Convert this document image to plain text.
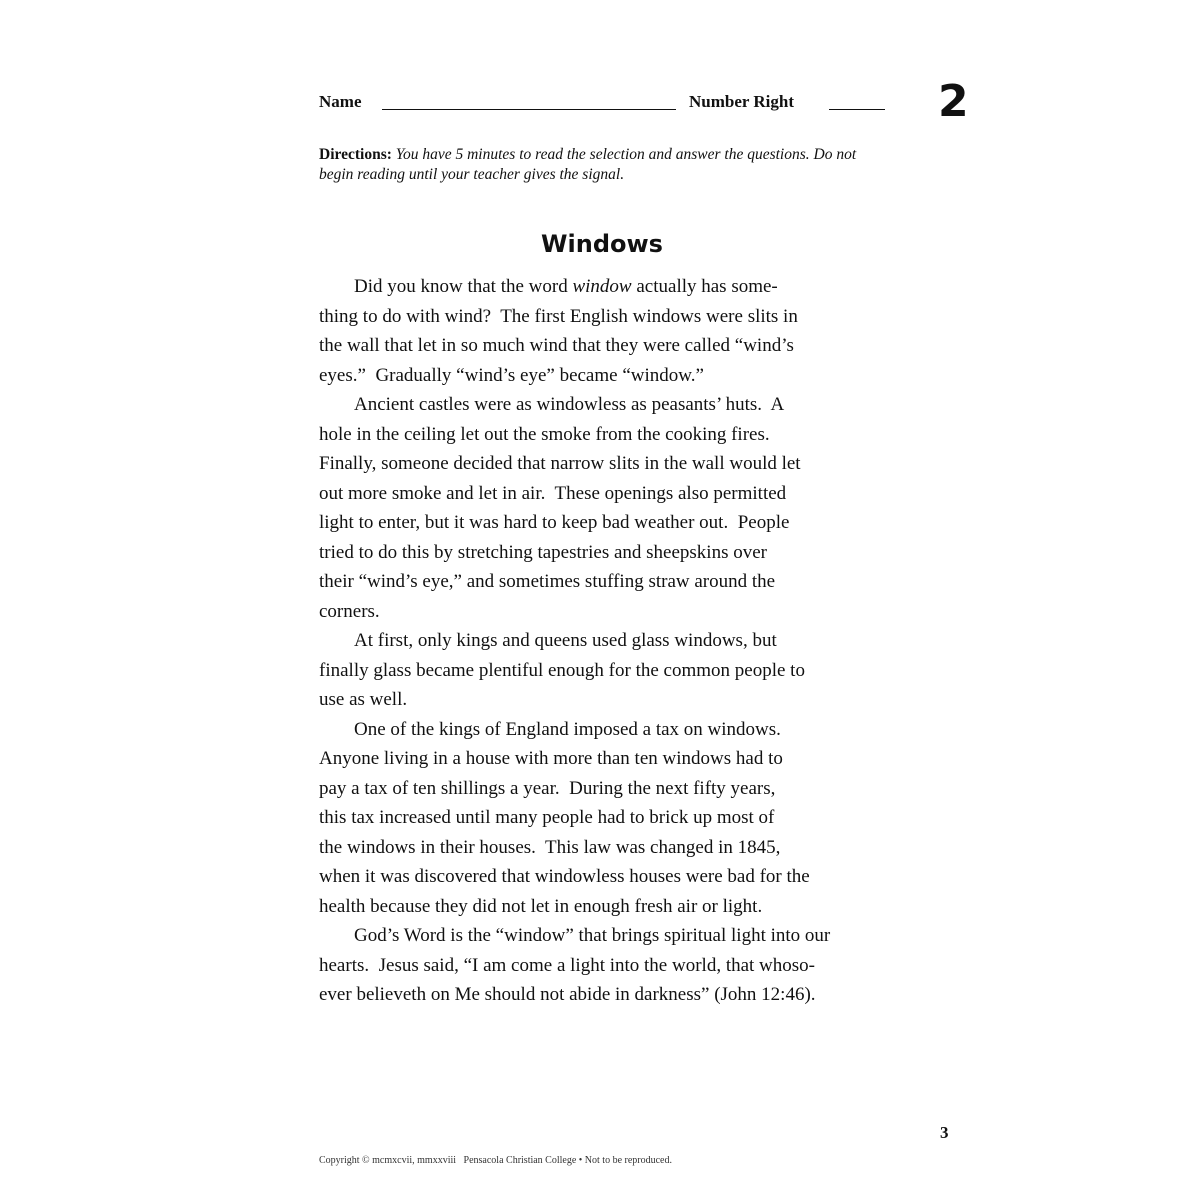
Name	Number Right	2
Directions: You have 5 minutes to read the selection and answer the questions. Do not begin reading until your teacher gives the signal.
Windows
Did you know that the word window actually has some-
thing to do with wind?  The first English windows were slits in
the wall that let in so much wind that they were called “wind’s
eyes.”  Gradually “wind’s eye” became “window.”
Ancient castles were as windowless as peasants’ huts.  A
hole in the ceiling let out the smoke from the cooking fires.
Finally, someone decided that narrow slits in the wall would let
out more smoke and let in air.  These openings also permitted
light to enter, but it was hard to keep bad weather out.  People
tried to do this by stretching tapestries and sheepskins over
their “wind’s eye,” and sometimes stuffing straw around the
corners.
At first, only kings and queens used glass windows, but
finally glass became plentiful enough for the common people to
use as well.
One of the kings of England imposed a tax on windows.
Anyone living in a house with more than ten windows had to
pay a tax of ten shillings a year.  During the next fifty years,
this tax increased until many people had to brick up most of
the windows in their houses.  This law was changed in 1845,
when it was discovered that windowless houses were bad for the
health because they did not let in enough fresh air or light.
God’s Word is the “window” that brings spiritual light into our
hearts.  Jesus said, “I am come a light into the world, that whoso-
ever believeth on Me should not abide in darkness” (John 12:46).
3
Copyright © mcmxcvii, mmxxviii   Pensacola Christian College • Not to be reproduced.
